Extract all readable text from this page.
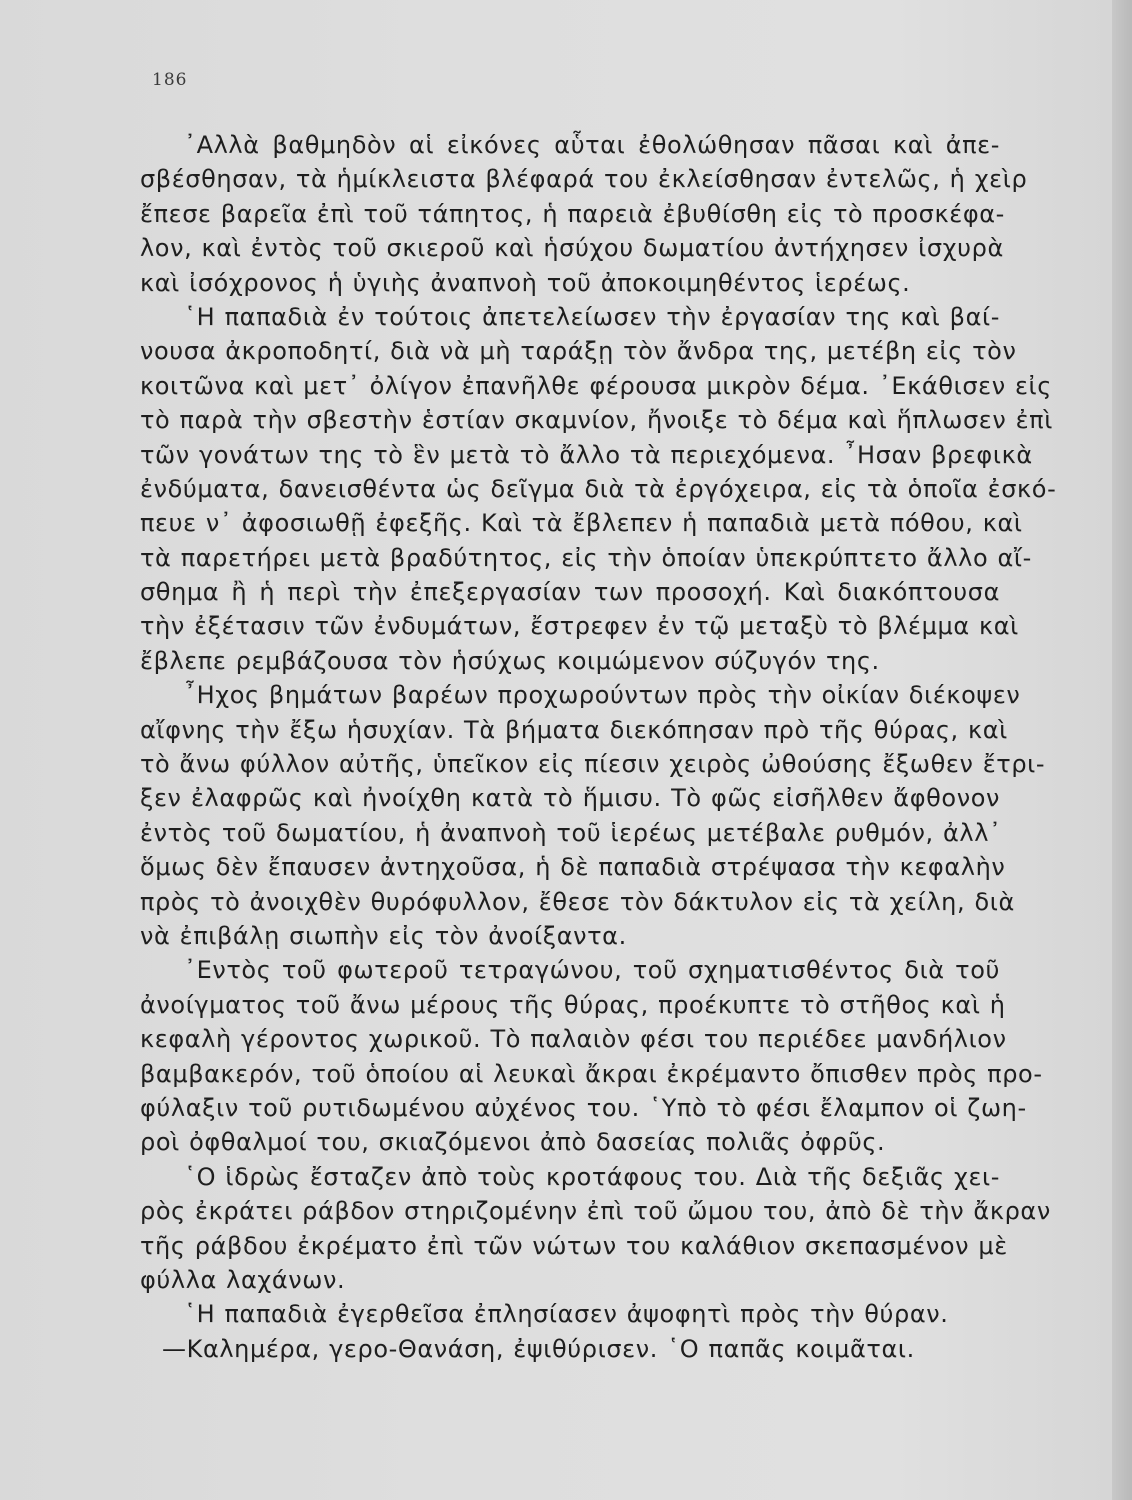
186
᾿Αλλὰ βαθμηδὸν αἱ εἰκόνες αὗται ἐθολώθησαν πᾶσαι καὶ ἀπε-
σβέσθησαν, τὰ ἡμίκλειστα βλέφαρά του ἐκλείσθησαν ἐντελῶς, ἡ χεὶρ
ἔπεσε βαρεῖα ἐπὶ τοῦ τάπητος, ἡ παρειὰ ἐβυθίσθη εἰς τὸ προσκέφα-
λον, καὶ ἐντὸς τοῦ σκιεροῦ καὶ ἡσύχου δωματίου ἀντήχησεν ἰσχυρὰ
καὶ ἰσόχρονος ἡ ὑγιὴς ἀναπνοὴ τοῦ ἀποκοιμηθέντος ἱερέως.
῾Η παπαδιὰ ἐν τούτοις ἀπετελείωσεν τὴν ἐργασίαν της καὶ βαί-
νουσα ἀκροποδητί, διὰ νὰ μὴ ταράξῃ τὸν ἄνδρα της, μετέβη εἰς τὸν
κοιτῶνα καὶ μετ᾿ ὀλίγον ἐπανῆλθε φέρουσα μικρὸν δέμα. ᾿Εκάθισεν εἰς
τὸ παρὰ τὴν σβεστὴν ἑστίαν σκαμνίον, ἤνοιξε τὸ δέμα καὶ ἥπλωσεν ἐπὶ
τῶν γονάτων της τὸ ἓν μετὰ τὸ ἄλλο τὰ περιεχόμενα. ῏Ησαν βρεφικὰ
ἐνδύματα, δανεισθέντα ὡς δεῖγμα διὰ τὰ ἐργόχειρα, εἰς τὰ ὁποῖα ἐσκό-
πευε ν᾿ ἀφοσιωθῇ ἐφεξῆς. Καὶ τὰ ἔβλεπεν ἡ παπαδιὰ μετὰ πόθου, καὶ
τὰ παρετήρει μετὰ βραδύτητος, εἰς τὴν ὁποίαν ὑπεκρύπτετο ἄλλο αἴ-
σθημα ἢ ἡ περὶ τὴν ἐπεξεργασίαν των προσοχή. Καὶ διακόπτουσα
τὴν ἐξέτασιν τῶν ἐνδυμάτων, ἔστρεφεν ἐν τῷ μεταξὺ τὸ βλέμμα καὶ
ἔβλεπε ρεμβάζουσα τὸν ἡσύχως κοιμώμενον σύζυγόν της.
῏Ηχος βημάτων βαρέων προχωρούντων πρὸς τὴν οἰκίαν διέκοψεν
αἴφνης τὴν ἔξω ἡσυχίαν. Τὰ βήματα διεκόπησαν πρὸ τῆς θύρας, καὶ
τὸ ἄνω φύλλον αὐτῆς, ὑπεῖκον εἰς πίεσιν χειρὸς ὠθούσης ἔξωθεν ἔτρι-
ξεν ἐλαφρῶς καὶ ἠνοίχθη κατὰ τὸ ἥμισυ. Τὸ φῶς εἰσῆλθεν ἄφθονον
ἐντὸς τοῦ δωματίου, ἡ ἀναπνοὴ τοῦ ἱερέως μετέβαλε ρυθμόν, ἀλλ᾿
ὅμως δὲν ἔπαυσεν ἀντηχοῦσα, ἡ δὲ παπαδιὰ στρέψασα τὴν κεφαλὴν
πρὸς τὸ ἀνοιχθὲν θυρόφυλλον, ἔθεσε τὸν δάκτυλον εἰς τὰ χείλη, διὰ
νὰ ἐπιβάλῃ σιωπὴν εἰς τὸν ἀνοίξαντα.
᾿Εντὸς τοῦ φωτεροῦ τετραγώνου, τοῦ σχηματισθέντος διὰ τοῦ
ἀνοίγματος τοῦ ἄνω μέρους τῆς θύρας, προέκυπτε τὸ στῆθος καὶ ἡ
κεφαλὴ γέροντος χωρικοῦ. Τὸ παλαιὸν φέσι του περιέδεε μανδήλιον
βαμβακερόν, τοῦ ὁποίου αἱ λευκαὶ ἄκραι ἐκρέμαντο ὄπισθεν πρὸς προ-
φύλαξιν τοῦ ρυτιδωμένου αὐχένος του. ῾Υπὸ τὸ φέσι ἔλαμπον οἱ ζωη-
ροὶ ὀφθαλμοί του, σκιαζόμενοι ἀπὸ δασείας πολιᾶς ὀφρῦς.
῾Ο ἱδρὼς ἔσταζεν ἀπὸ τοὺς κροτάφους του. Διὰ τῆς δεξιᾶς χει-
ρὸς ἐκράτει ράβδον στηριζομένην ἐπὶ τοῦ ὤμου του, ἀπὸ δὲ τὴν ἄκραν
τῆς ράβδου ἐκρέματο ἐπὶ τῶν νώτων του καλάθιον σκεπασμένον μὲ
φύλλα λαχάνων.
῾Η παπαδιὰ ἐγερθεῖσα ἐπλησίασεν ἀψοφητὶ πρὸς τὴν θύραν.
—Καλημέρα, γερο-Θανάση, ἐψιθύρισεν. ῾Ο παπᾶς κοιμᾶται.
